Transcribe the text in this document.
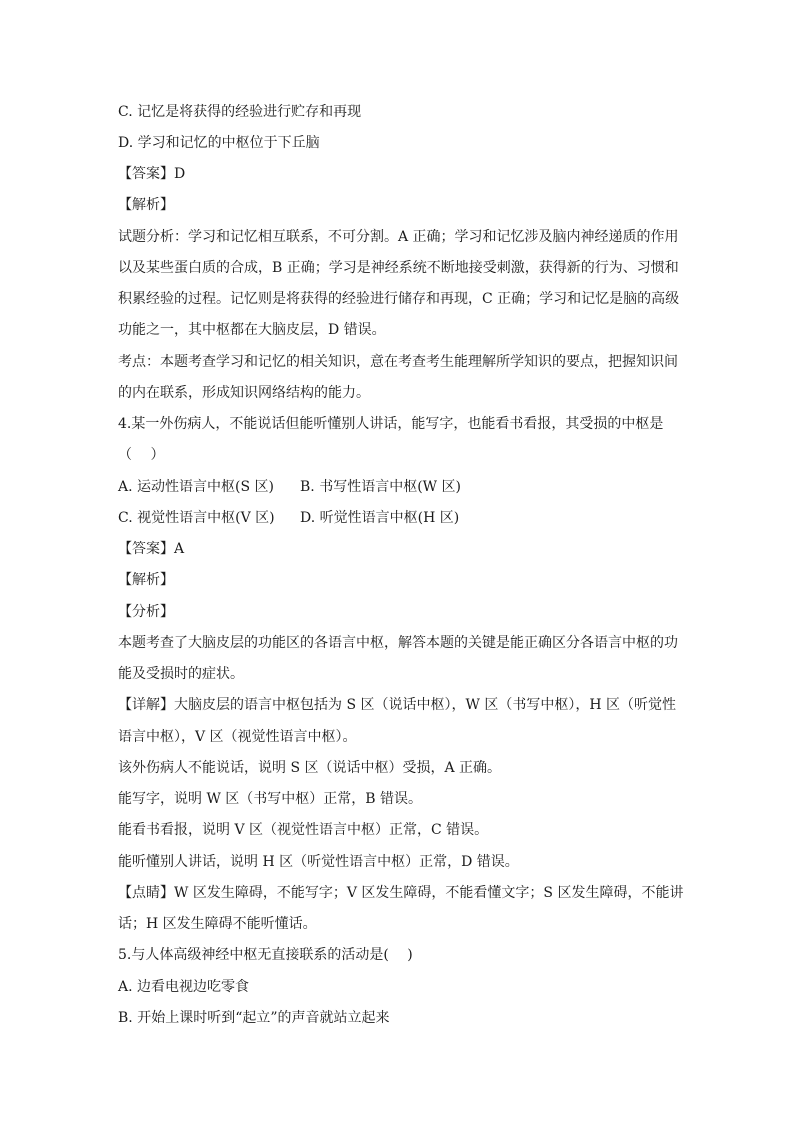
C. 记忆是将获得的经验进行贮存和再现
D. 学习和记忆的中枢位于下丘脑
【答案】D
【解析】
试题分析：学习和记忆相互联系，不可分割。A 正确；学习和记忆涉及脑内神经递质的作用
以及某些蛋白质的合成，B 正确；学习是神经系统不断地接受刺激，获得新的行为、习惯和
积累经验的过程。记忆则是将获得的经验进行储存和再现，C 正确；学习和记忆是脑的高级
功能之一，其中枢都在大脑皮层，D 错误。
考点：本题考查学习和记忆的相关知识，意在考查考生能理解所学知识的要点，把握知识间
的内在联系，形成知识网络结构的能力。
4.某一外伤病人，不能说话但能听懂别人讲话，能写字，也能看书看报，其受损的中枢是
（　 ）
A. 运动性语言中枢(S 区) B. 书写性语言中枢(W 区)
C. 视觉性语言中枢(V 区) D. 听觉性语言中枢(H 区)
【答案】A
【解析】
【分析】
本题考查了大脑皮层的功能区的各语言中枢，解答本题的关键是能正确区分各语言中枢的功
能及受损时的症状。
【详解】大脑皮层的语言中枢包括为 S 区（说话中枢），W 区（书写中枢），H 区（听觉性
语言中枢），V 区（视觉性语言中枢）。
该外伤病人不能说话，说明 S 区（说话中枢）受损，A 正确。
能写字，说明 W 区（书写中枢）正常，B 错误。
能看书看报，说明 V 区（视觉性语言中枢）正常，C 错误。
能听懂别人讲话，说明 H 区（听觉性语言中枢）正常，D 错误。
【点睛】W 区发生障碍，不能写字；V 区发生障碍，不能看懂文字；S 区发生障碍，不能讲
话；H 区发生障碍不能听懂话。
5.与人体高级神经中枢无直接联系的活动是(　 )
A. 边看电视边吃零食
B. 开始上课时听到“起立”的声音就站立起来
